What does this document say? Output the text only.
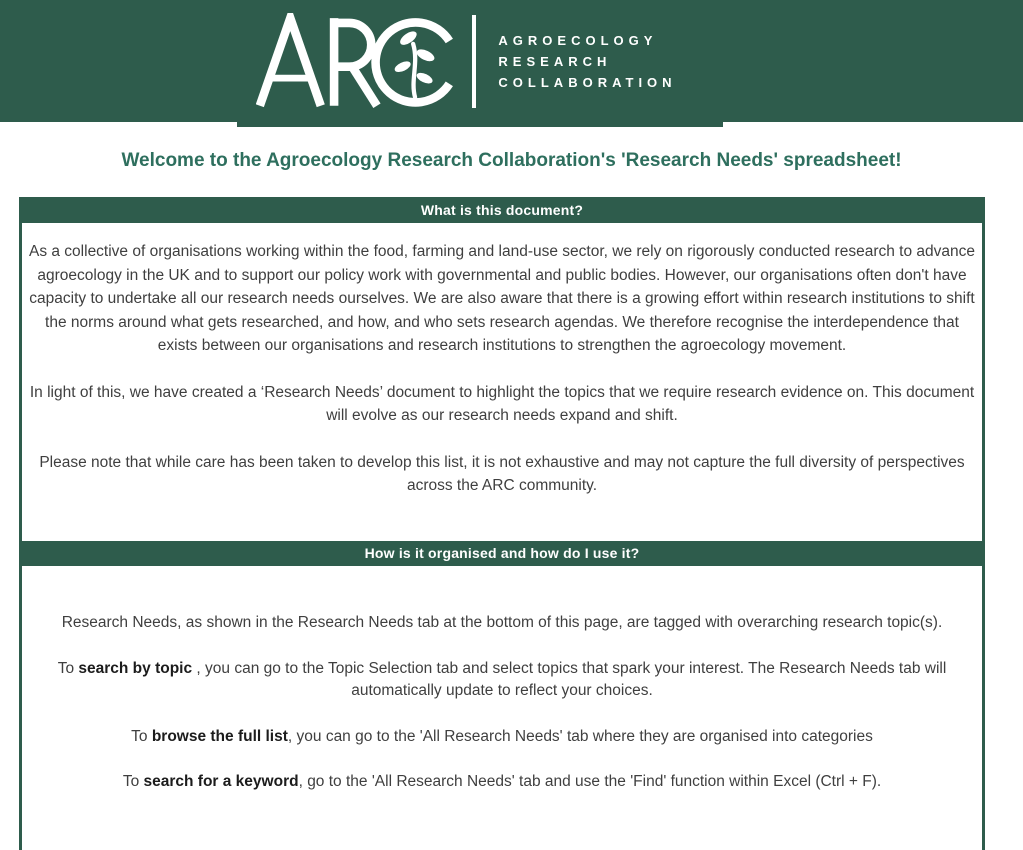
AGROECOLOGY
RESEARCH
COLLABORATION
Welcome to the Agroecology Research Collaboration's 'Research Needs' spreadsheet!
What is this document?

As a collective of organisations working within the food, farming and land-use sector, we rely on rigorously conducted research to advance agroecology in the UK and to support our policy work with governmental and public bodies. However, our organisations often don't have capacity to undertake all our research needs ourselves. We are also aware that there is a growing effort within research institutions to shift the norms around what gets researched, and how, and who sets research agendas. We therefore recognise the interdependence that exists between our organisations and research institutions to strengthen the agroecology movement.

In light of this, we have created a ‘Research Needs’ document to highlight the topics that we require research evidence on. This document will evolve as our research needs expand and shift.

Please note that while care has been taken to develop this list, it is not exhaustive and may not capture the full diversity of perspectives across the ARC community.

How is it organised and how do I use it?

Research Needs, as shown in the Research Needs tab at the bottom of this page, are tagged with overarching research topic(s).

To search by topic , you can go to the Topic Selection tab and select topics that spark your interest. The Research Needs tab will automatically update to reflect your choices.

To browse the full list, you can go to the 'All Research Needs' tab where they are organised into categories

To search for a keyword, go to the 'All Research Needs' tab and use the 'Find' function within Excel (Ctrl + F).
